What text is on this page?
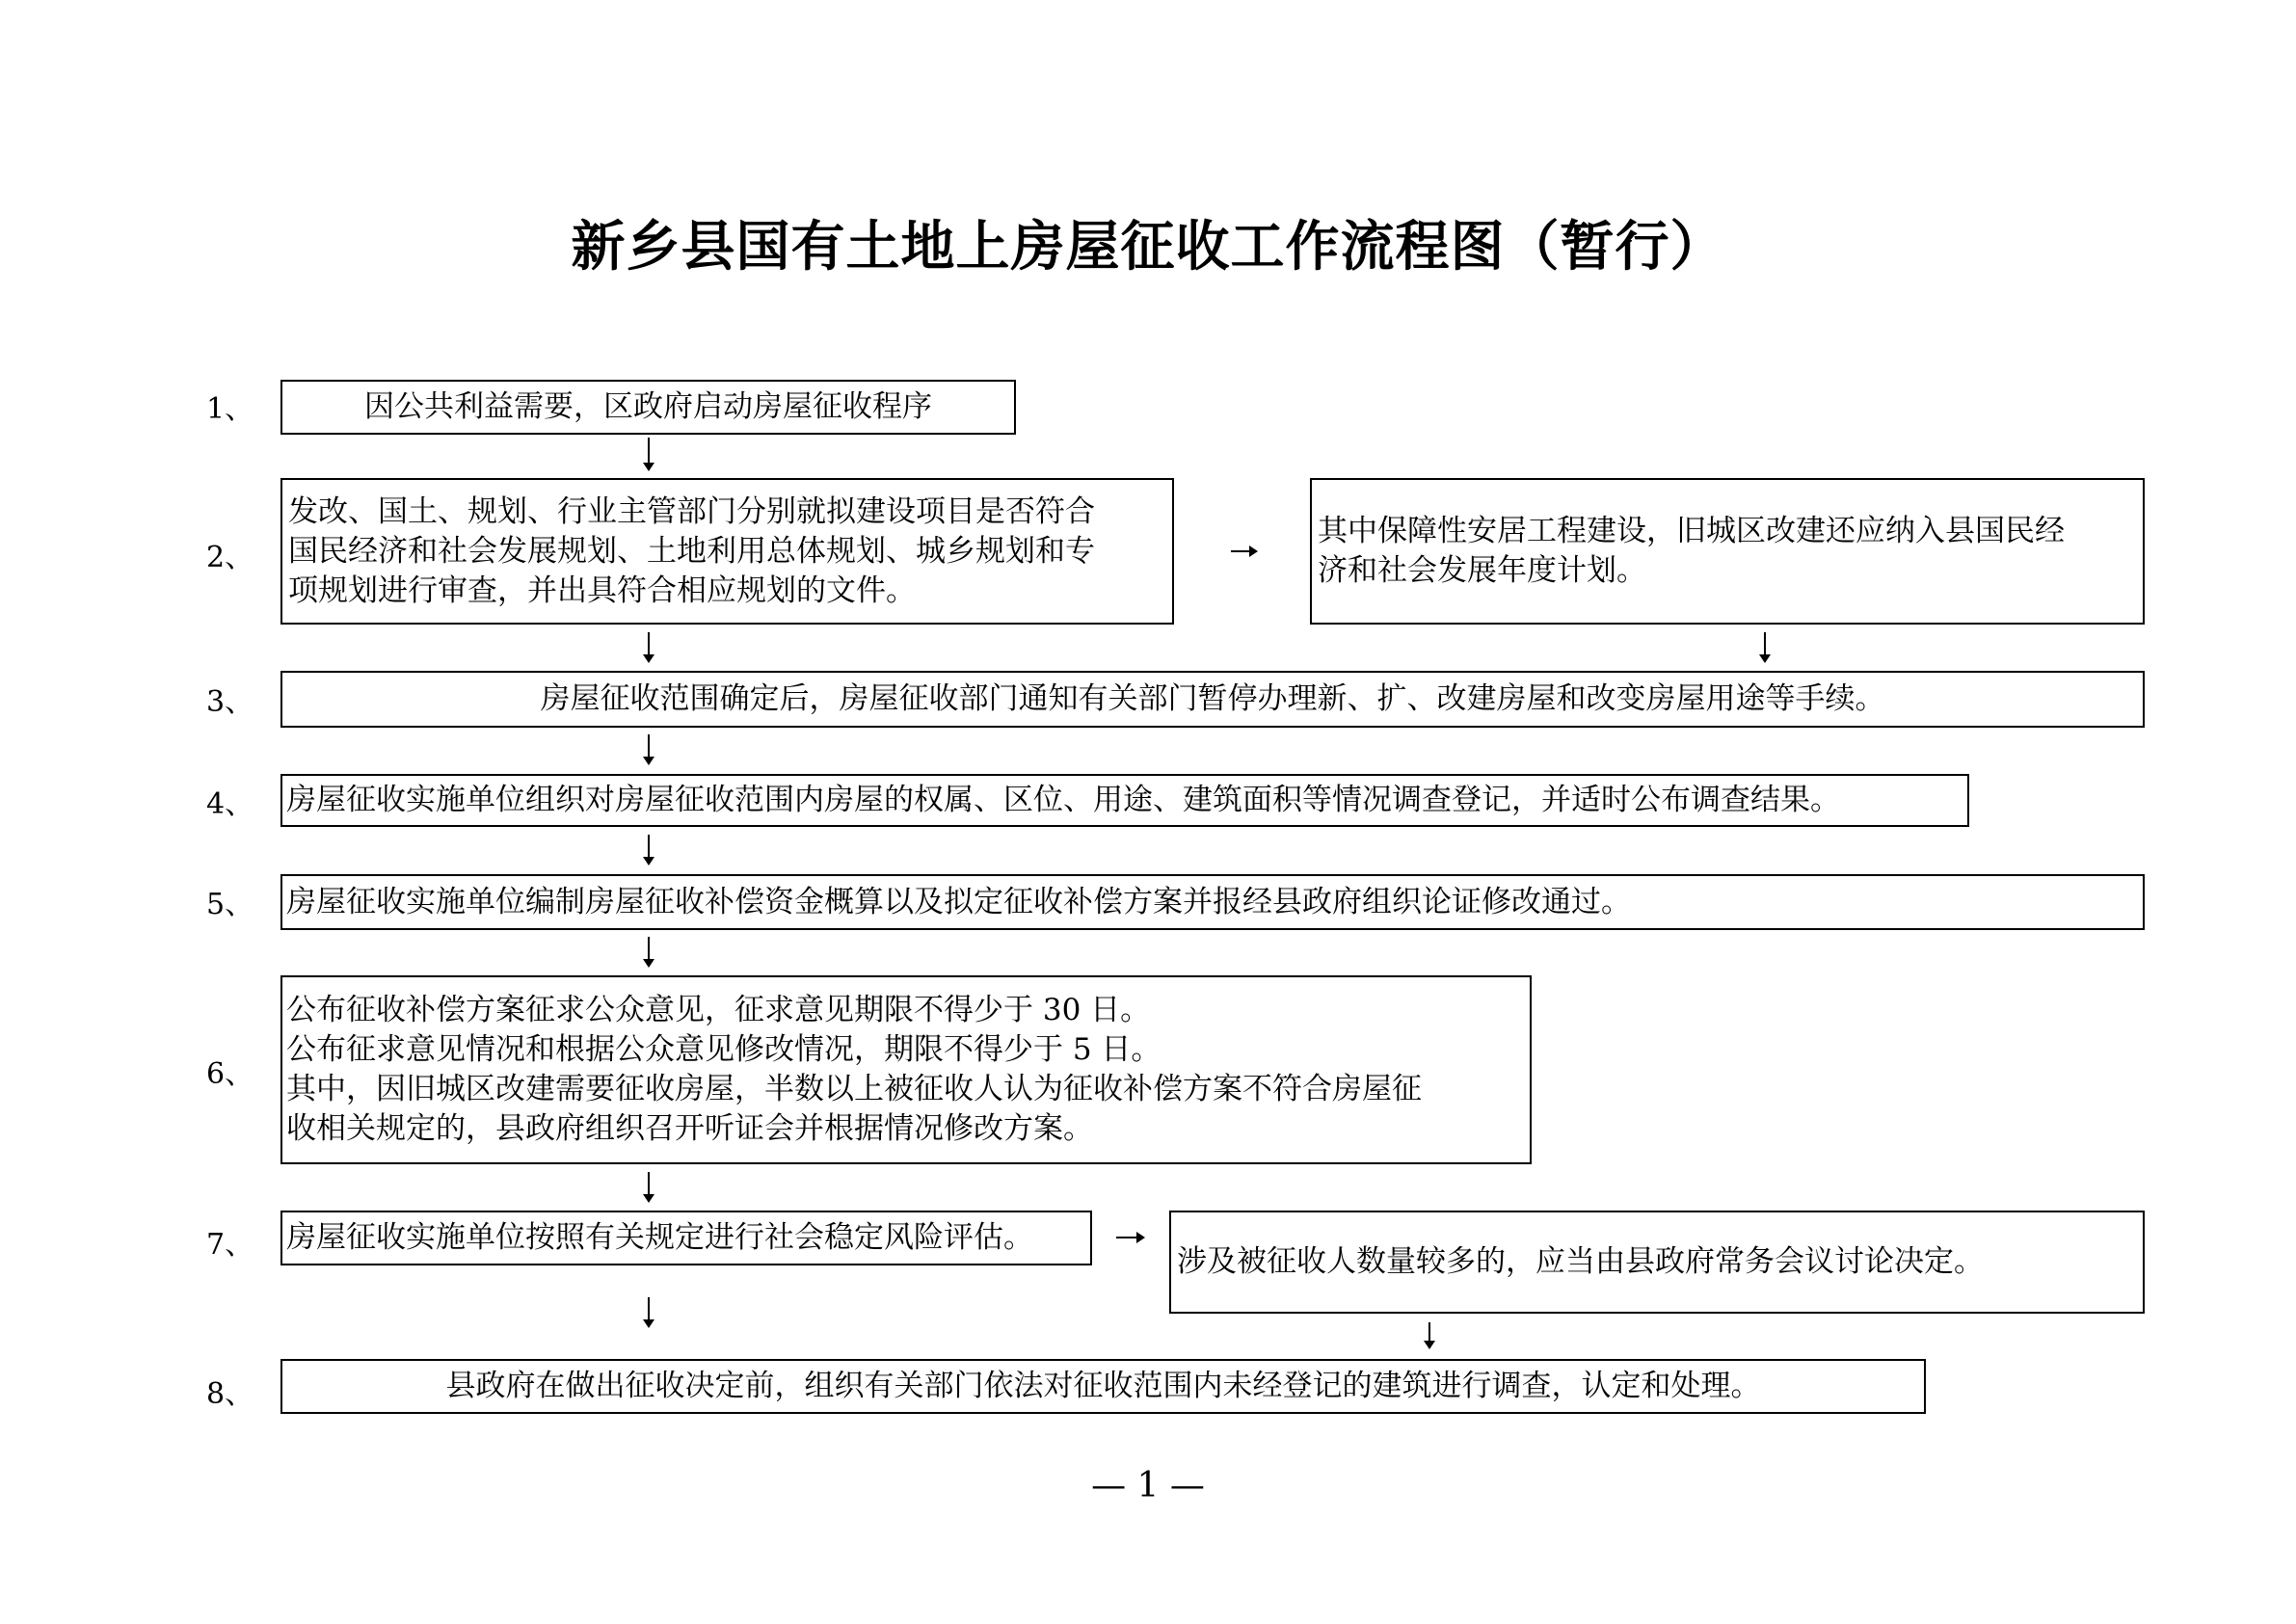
新乡县国有土地上房屋征收工作流程图（暂行）
1、
2、
3、
4、
5、
6、
7、
8、
因公共利益需要，区政府启动房屋征收程序
发改、国土、规划、行业主管部门分别就拟建设项目是否符合
国民经济和社会发展规划、土地利用总体规划、城乡规划和专
项规划进行审查，并出具符合相应规划的文件。
其中保障性安居工程建设，旧城区改建还应纳入县国民经
济和社会发展年度计划。
房屋征收范围确定后，房屋征收部门通知有关部门暂停办理新、扩、改建房屋和改变房屋用途等手续。
房屋征收实施单位组织对房屋征收范围内房屋的权属、区位、用途、建筑面积等情况调查登记，并适时公布调查结果。
房屋征收实施单位编制房屋征收补偿资金概算以及拟定征收补偿方案并报经县政府组织论证修改通过。
公布征收补偿方案征求公众意见，征求意见期限不得少于 30 日。
公布征求意见情况和根据公众意见修改情况，期限不得少于 5 日。
其中，因旧城区改建需要征收房屋，半数以上被征收人认为征收补偿方案不符合房屋征
收相关规定的，县政府组织召开听证会并根据情况修改方案。
房屋征收实施单位按照有关规定进行社会稳定风险评估。
涉及被征收人数量较多的，应当由县政府常务会议讨论决定。
县政府在做出征收决定前，组织有关部门依法对征收范围内未经登记的建筑进行调查，认定和处理。
— 1 —
